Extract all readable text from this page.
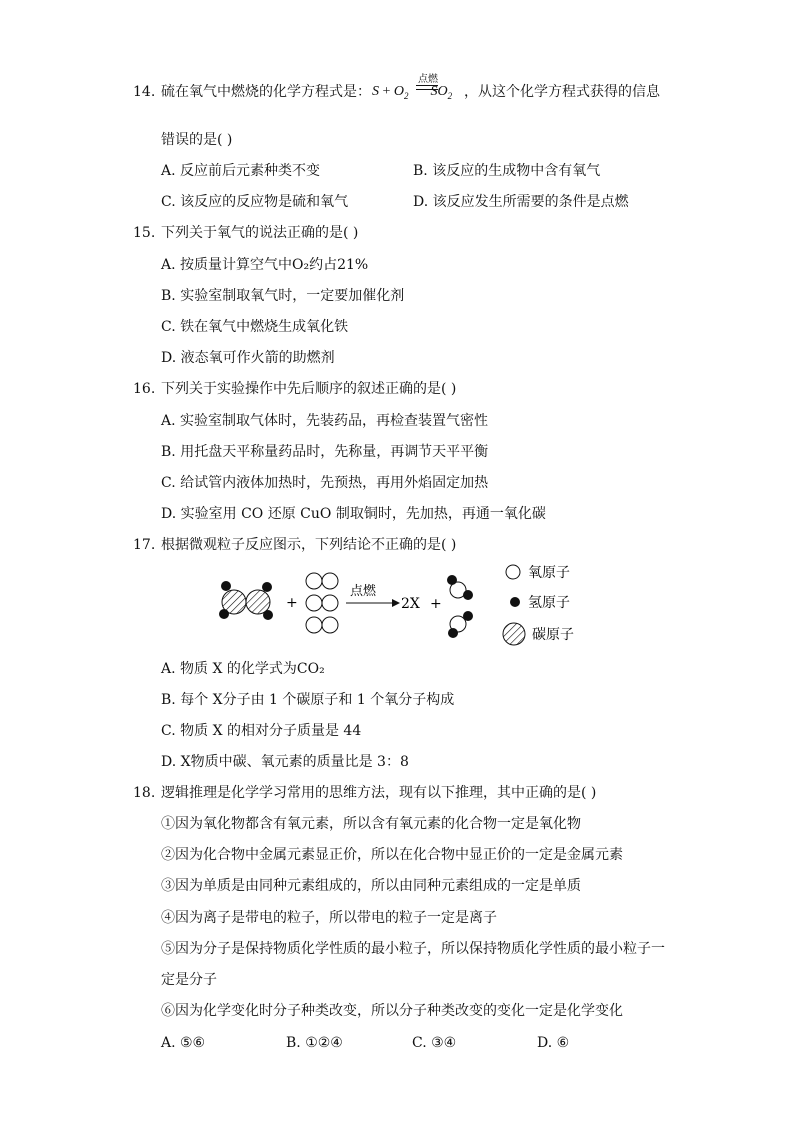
14. 硫在氧气中燃烧的化学方程式是：
点燃
$S + O_2$ $SO_2$ ，从这个化学方程式获得的信息
错误的是( )
A. 反应前后元素种类不变	B. 该反应的生成物中含有氧气
C. 该反应的反应物是硫和氧气	D. 该反应发生所需要的条件是点燃
15. 下列关于氧气的说法正确的是( )
A. 按质量计算空气中O₂约占21%
B. 实验室制取氧气时，一定要加催化剂
C. 铁在氧气中燃烧生成氧化铁
D. 液态氧可作火箭的助燃剂
16. 下列关于实验操作中先后顺序的叙述正确的是( )
A. 实验室制取气体时，先装药品，再检查装置气密性
B. 用托盘天平称量药品时，先称量，再调节天平平衡
C. 给试管内液体加热时，先预热，再用外焰固定加热
D. 实验室用 CO 还原 CuO 制取铜时，先加热，再通一氧化碳
17. 根据微观粒子反应图示，下列结论不正确的是( )
+
点燃
2X +
氧原子
氢原子
碳原子
A. 物质 X 的化学式为CO₂
B. 每个 X分子由 1 个碳原子和 1 个氧分子构成
C. 物质 X 的相对分子质量是 44
D. X物质中碳、氧元素的质量比是 3：8
18. 逻辑推理是化学学习常用的思维方法，现有以下推理，其中正确的是( )
①因为氧化物都含有氧元素，所以含有氧元素的化合物一定是氧化物
②因为化合物中金属元素显正价，所以在化合物中显正价的一定是金属元素
③因为单质是由同种元素组成的，所以由同种元素组成的一定是单质
④因为离子是带电的粒子，所以带电的粒子一定是离子
⑤因为分子是保持物质化学性质的最小粒子，所以保持物质化学性质的最小粒子一
定是分子
⑥因为化学变化时分子种类改变，所以分子种类改变的变化一定是化学变化
A. ⑤⑥	B. ①②④	C. ③④	D. ⑥
